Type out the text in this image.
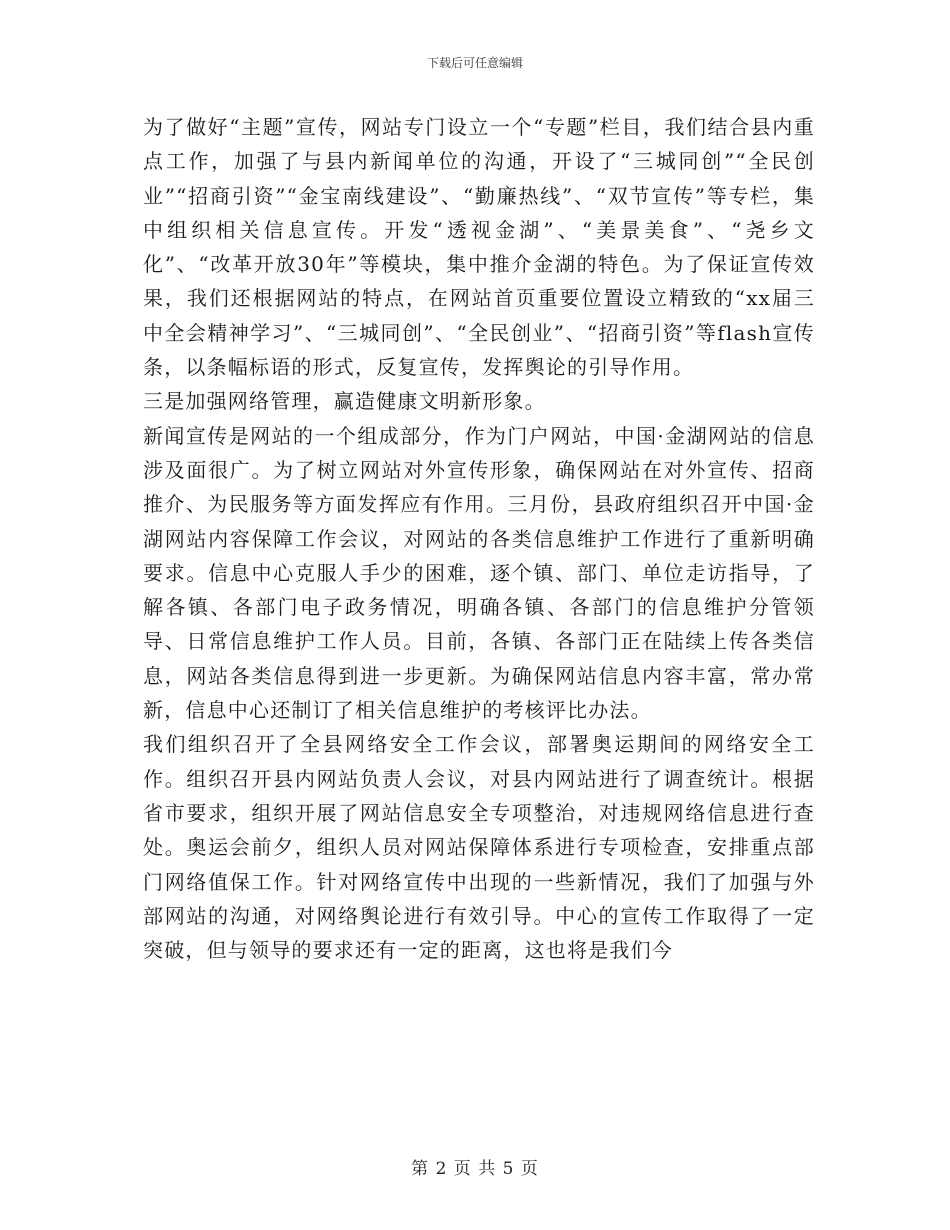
下载后可任意编辑

为了做好“主题”宣传，网站专门设立一个“专题”栏目，我们结合县内重点工作，加强了与县内新闻单位的沟通，开设了“三城同创”“全民创业”“招商引资”“金宝南线建设”、“勤廉热线”、“双节宣传”等专栏，集中组织相关信息宣传。开发“透视金湖”、“美景美食”、“尧乡文化”、“改革开放30年”等模块，集中推介金湖的特色。为了保证宣传效果，我们还根据网站的特点，在网站首页重要位置设立精致的“xx届三中全会精神学习”、“三城同创”、“全民创业”、“招商引资”等flash宣传条，以条幅标语的形式，反复宣传，发挥舆论的引导作用。

三是加强网络管理，赢造健康文明新形象。

新闻宣传是网站的一个组成部分，作为门户网站，中国·金湖网站的信息涉及面很广。为了树立网站对外宣传形象，确保网站在对外宣传、招商推介、为民服务等方面发挥应有作用。三月份，县政府组织召开中国·金湖网站内容保障工作会议，对网站的各类信息维护工作进行了重新明确要求。信息中心克服人手少的困难，逐个镇、部门、单位走访指导，了解各镇、各部门电子政务情况，明确各镇、各部门的信息维护分管领导、日常信息维护工作人员。目前，各镇、各部门正在陆续上传各类信息，网站各类信息得到进一步更新。为确保网站信息内容丰富，常办常新，信息中心还制订了相关信息维护的考核评比办法。

我们组织召开了全县网络安全工作会议，部署奥运期间的网络安全工作。组织召开县内网站负责人会议，对县内网站进行了调查统计。根据省市要求，组织开展了网站信息安全专项整治，对违规网络信息进行查处。奥运会前夕，组织人员对网站保障体系进行专项检查，安排重点部门网络值保工作。针对网络宣传中出现的一些新情况，我们了加强与外部网站的沟通，对网络舆论进行有效引导。中心的宣传工作取得了一定突破，但与领导的要求还有一定的距离，这也将是我们今

第 2 页 共 5 页
